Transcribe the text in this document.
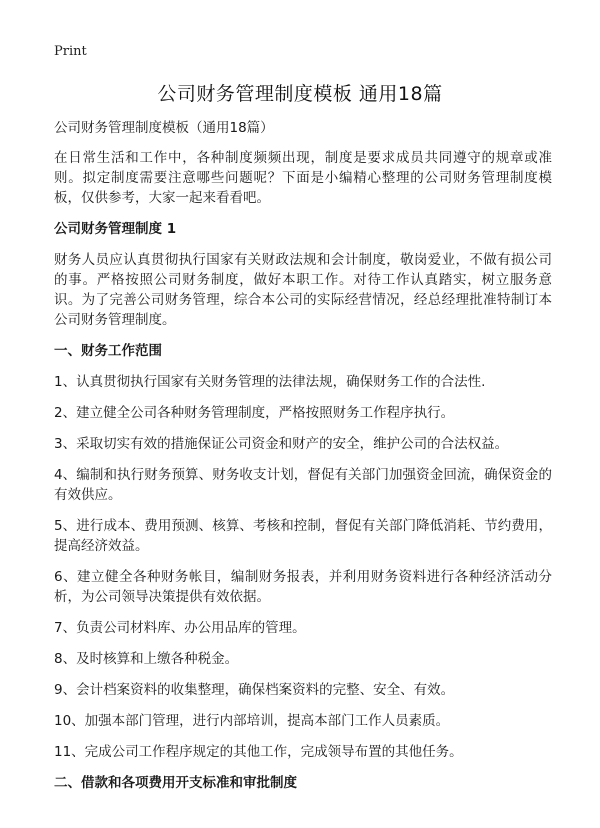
Print
公司财务管理制度模板 通用18篇
公司财务管理制度模板（通用18篇）

在日常生活和工作中，各种制度频频出现，制度是要求成员共同遵守的规章或准则。拟定制度需要注意哪些问题呢？下面是小编精心整理的公司财务管理制度模板，仅供参考，大家一起来看看吧。

公司财务管理制度 1

财务人员应认真贯彻执行国家有关财政法规和会计制度，敬岗爱业，不做有损公司的事。严格按照公司财务制度，做好本职工作。对待工作认真踏实，树立服务意识。为了完善公司财务管理，综合本公司的实际经营情况，经总经理批准特制订本公司财务管理制度。

一、财务工作范围
1、认真贯彻执行国家有关财务管理的法律法规，确保财务工作的合法性.
2、建立健全公司各种财务管理制度，严格按照财务工作程序执行。
3、采取切实有效的措施保证公司资金和财产的安全，维护公司的合法权益。
4、编制和执行财务预算、财务收支计划，督促有关部门加强资金回流，确保资金的有效供应。
5、进行成本、费用预测、核算、考核和控制，督促有关部门降低消耗、节约费用，提高经济效益。
6、建立健全各种财务帐目，编制财务报表，并利用财务资料进行各种经济活动分析，为公司领导决策提供有效依据。
7、负责公司材料库、办公用品库的管理。
8、及时核算和上缴各种税金。
9、会计档案资料的收集整理，确保档案资料的完整、安全、有效。
10、加强本部门管理，进行内部培训，提高本部门工作人员素质。
11、完成公司工作程序规定的其他工作，完成领导布置的其他任务。
二、借款和各项费用开支标准和审批制度
